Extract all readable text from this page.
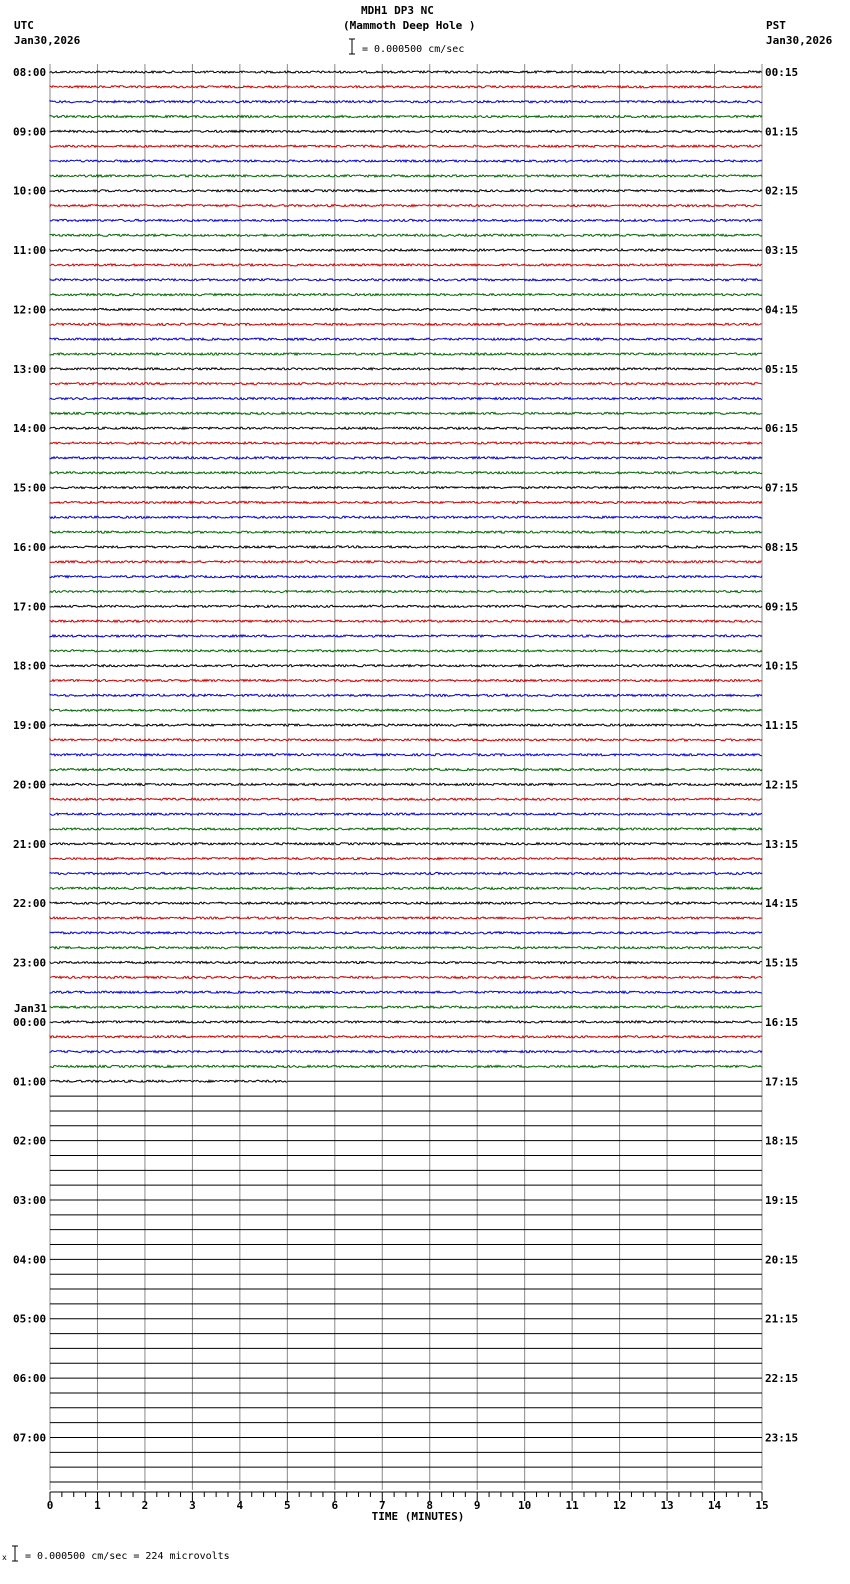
MDH1 DP3 NC
(Mammoth Deep Hole )
UTC
Jan30,2026
PST
Jan30,2026
= 0.000500 cm/sec
Jan31
08:00
09:00
10:00
11:00
12:00
13:00
14:00
15:00
16:00
17:00
18:00
19:00
20:00
21:00
22:00
23:00
00:00
01:00
02:00
03:00
04:00
05:00
06:00
07:00
00:15
01:15
02:15
03:15
04:15
05:15
06:15
07:15
08:15
09:15
10:15
11:15
12:15
13:15
14:15
15:15
16:15
17:15
18:15
19:15
20:15
21:15
22:15
23:15
0	1	2	3	4	5	6	7	8	9	10	11	12	13	14	15
TIME (MINUTES)
x = 0.000500 cm/sec = 224 microvolts
